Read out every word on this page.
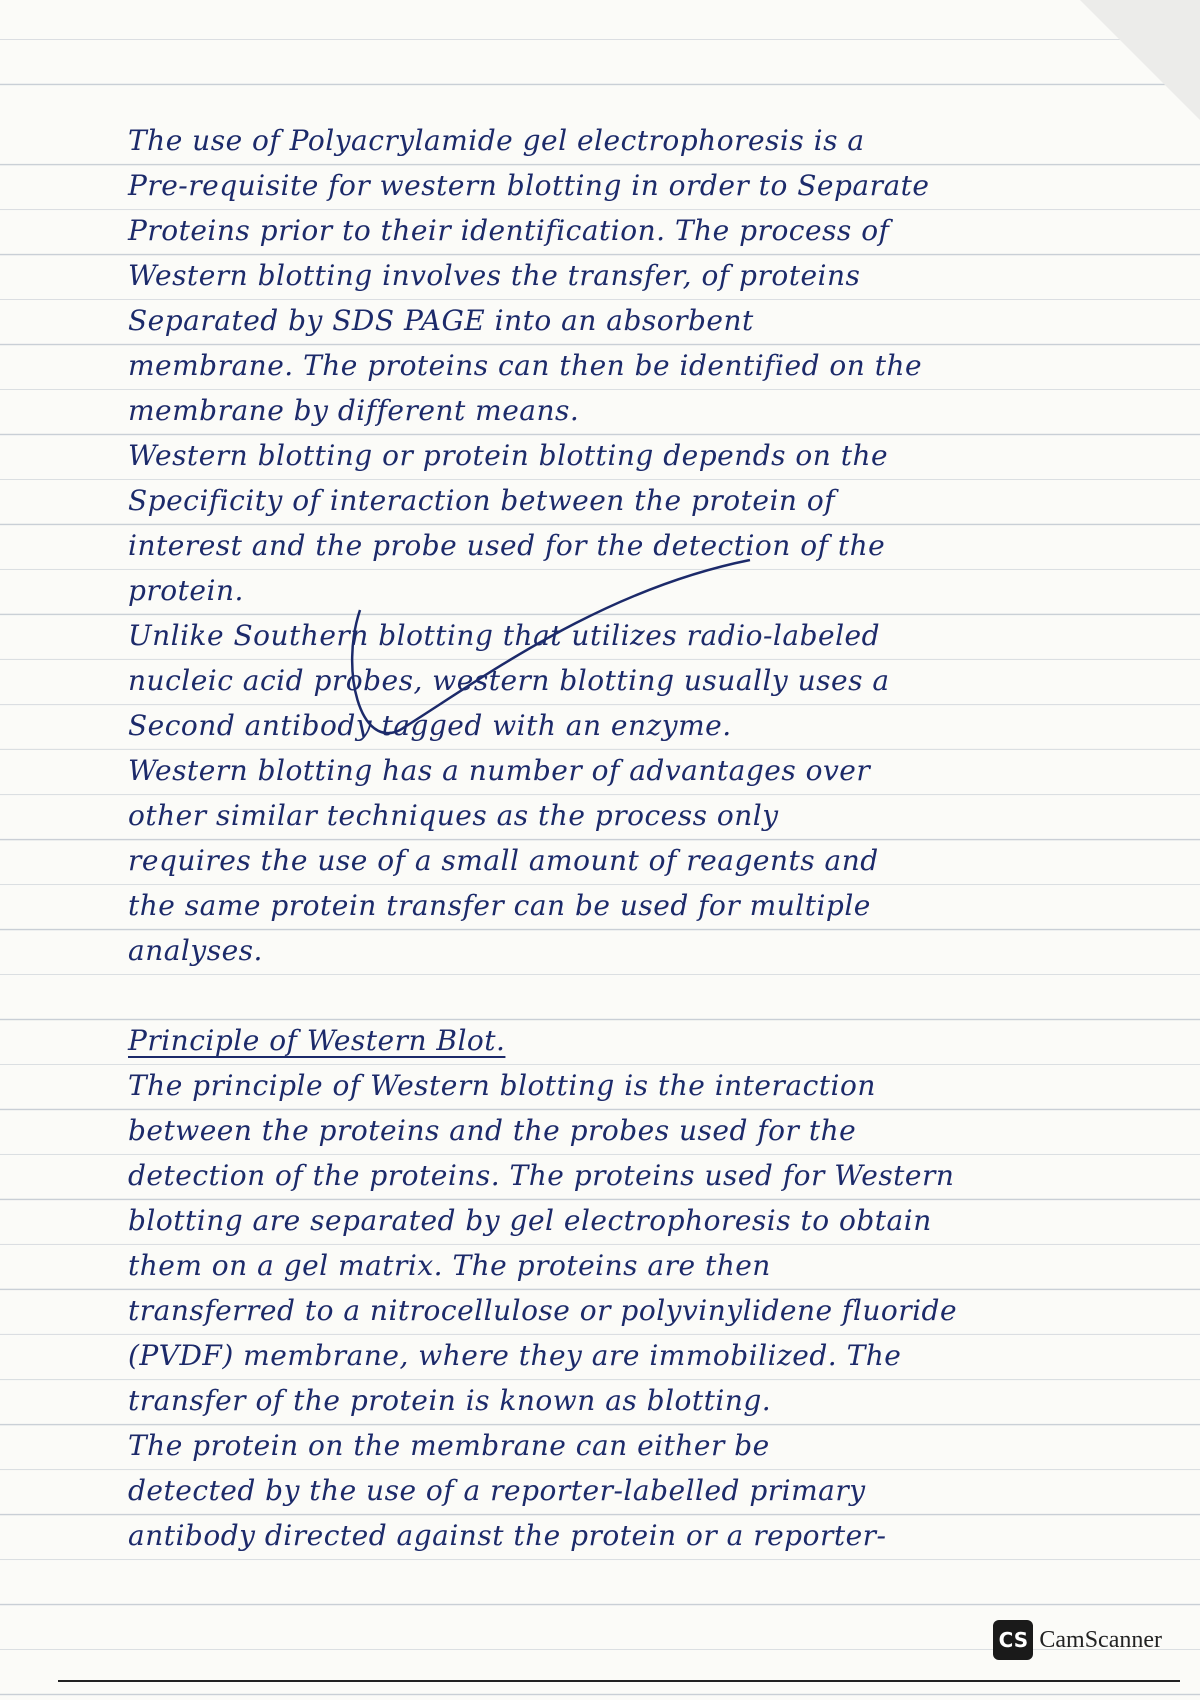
The use of Polyacrylamide gel electrophoresis is a
Pre-requisite for western blotting in order to Separate
Proteins prior to their identification. The process of
Western blotting involves the transfer, of proteins
Separated by SDS PAGE into an absorbent
membrane. The proteins can then be identified on the
membrane by different means.
Western blotting or protein blotting depends on the
Specificity of interaction between the protein of
interest and the probe used for the detection of the
protein.
Unlike Southern blotting that utilizes radio-labeled
nucleic acid probes, western blotting usually uses a
Second antibody tagged with an enzyme.
Western blotting has a number of advantages over
other similar techniques as the process only
requires the use of a small amount of reagents and
the same protein transfer can be used for multiple
analyses.
Principle of Western Blot.
The principle of Western blotting is the interaction
between the proteins and the probes used for the
detection of the proteins. The proteins used for Western
blotting are separated by gel electrophoresis to obtain
them on a gel matrix. The proteins are then
transferred to a nitrocellulose or polyvinylidene fluoride
(PVDF) membrane, where they are immobilized. The
transfer of the protein is known as blotting.
The protein on the membrane can either be
detected by the use of a reporter-labelled primary
antibody directed against the protein or a reporter-
CS CamScanner
